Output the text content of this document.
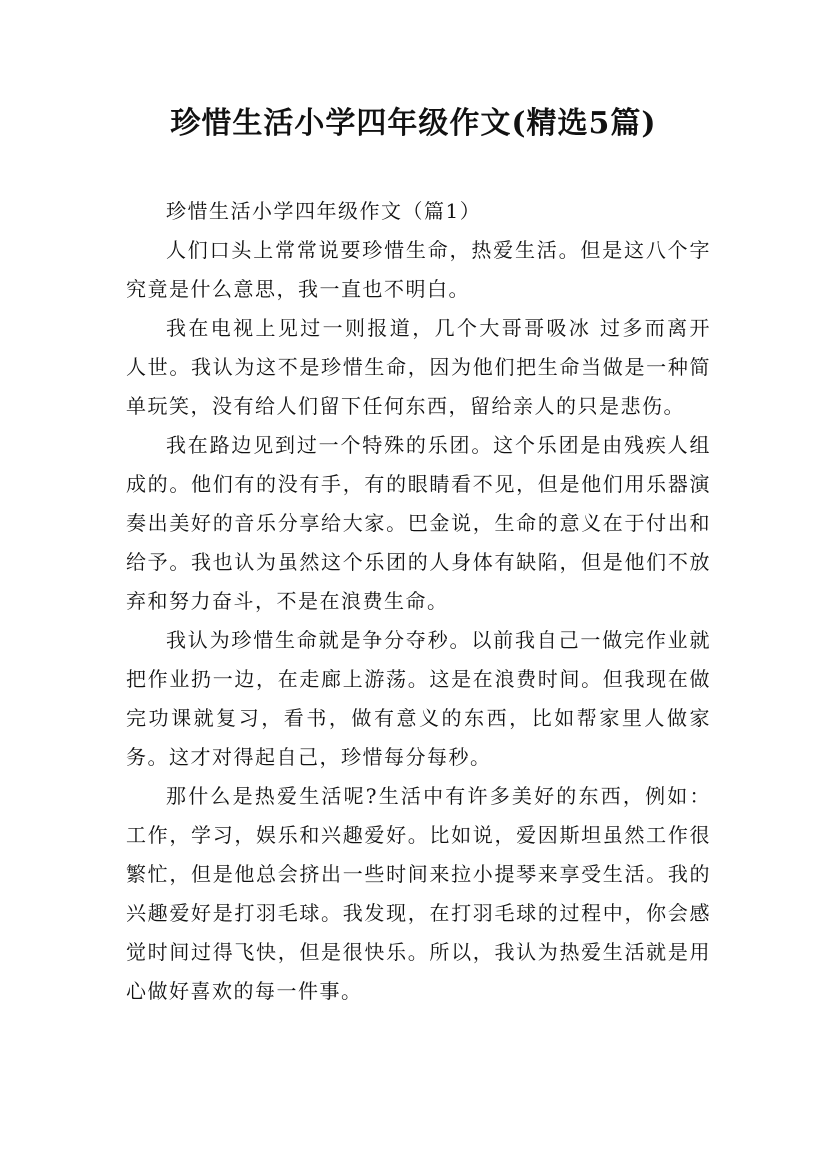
珍惜生活小学四年级作文(精选5篇)

珍惜生活小学四年级作文（篇1）

人们口头上常常说要珍惜生命，热爱生活。但是这八个字究竟是什么意思，我一直也不明白。

我在电视上见过一则报道，几个大哥哥吸冰 过多而离开人世。我认为这不是珍惜生命，因为他们把生命当做是一种简单玩笑，没有给人们留下任何东西，留给亲人的只是悲伤。

我在路边见到过一个特殊的乐团。这个乐团是由残疾人组成的。他们有的没有手，有的眼睛看不见，但是他们用乐器演奏出美好的音乐分享给大家。巴金说，生命的意义在于付出和给予。我也认为虽然这个乐团的人身体有缺陷，但是他们不放弃和努力奋斗，不是在浪费生命。

我认为珍惜生命就是争分夺秒。以前我自己一做完作业就把作业扔一边，在走廊上游荡。这是在浪费时间。但我现在做完功课就复习，看书，做有意义的东西，比如帮家里人做家务。这才对得起自己，珍惜每分每秒。

那什么是热爱生活呢?生活中有许多美好的东西，例如：工作，学习，娱乐和兴趣爱好。比如说，爱因斯坦虽然工作很繁忙，但是他总会挤出一些时间来拉小提琴来享受生活。我的兴趣爱好是打羽毛球。我发现，在打羽毛球的过程中，你会感觉时间过得飞快，但是很快乐。所以，我认为热爱生活就是用心做好喜欢的每一件事。
